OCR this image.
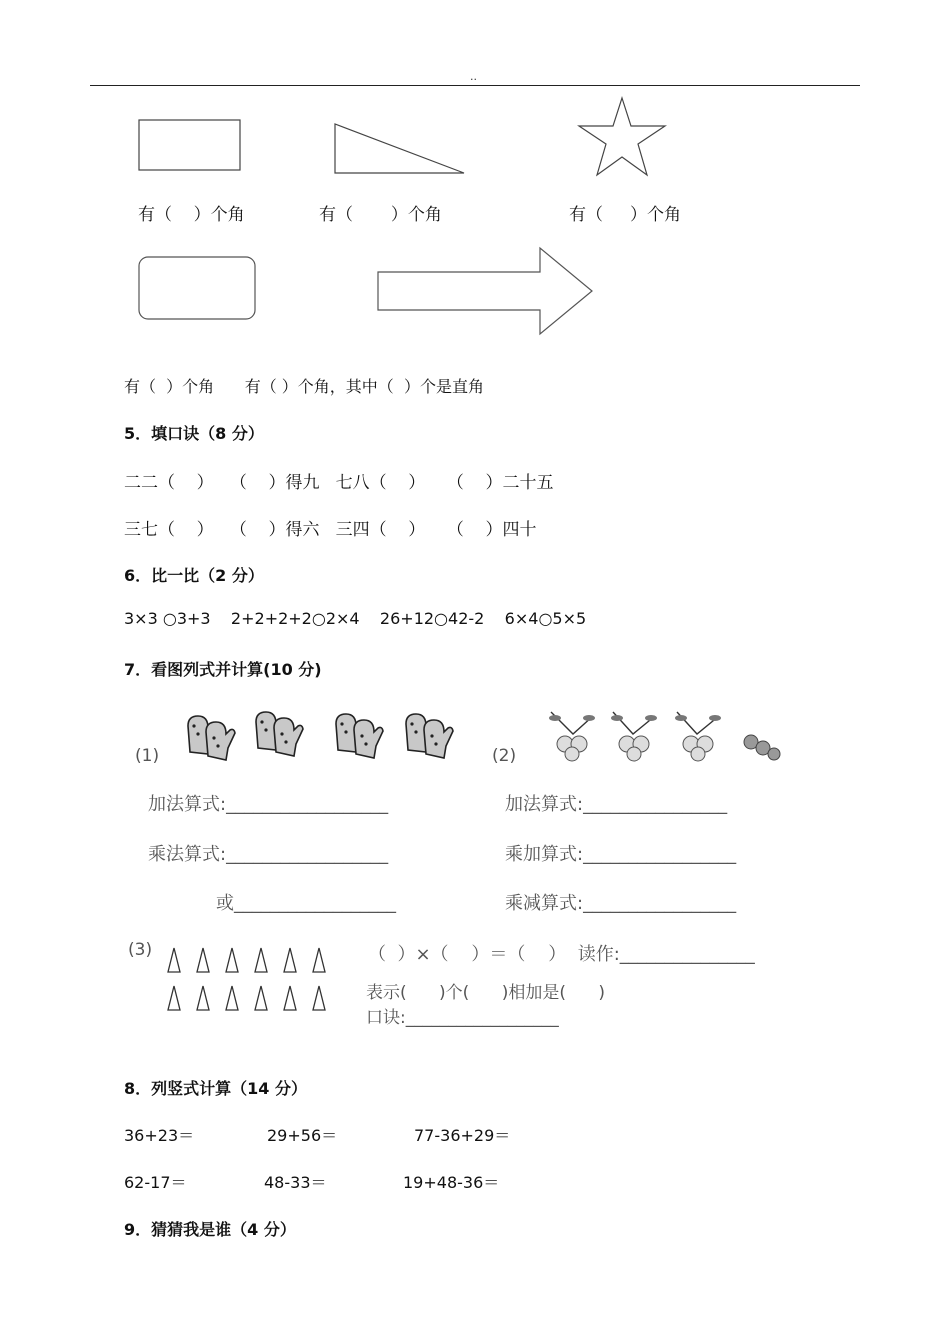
..
有（    ）个角	有（       ）个角	有（     ）个角
有（  ）个角      有（ ）个角，其中（  ）个是直角
5．填口诀（8 分）
二二（    ）   （    ）得九   七八（    ）    （    ）二十五
三七（    ）   （    ）得六   三四（    ）    （    ）四十
6．比一比（2 分）
3×3 ○3+3    2+2+2+2○2×4    26+12○42-2    6×4○5×5
7．看图列式并计算(10 分)
(1)	(2)
加法算式:__________________
乘法算式:__________________
或__________________
加法算式:________________
乘加算式:_________________
乘减算式:_________________
(3)	（  ）×（    ）＝（    ）  读作:_______________
表示(      )个(      )相加是(      )
口诀:__________________
8．列竖式计算（14 分）
36+23＝	29+56＝	77-36+29＝
62-17＝	48-33＝	19+48-36＝
9．猜猜我是谁（4 分）
